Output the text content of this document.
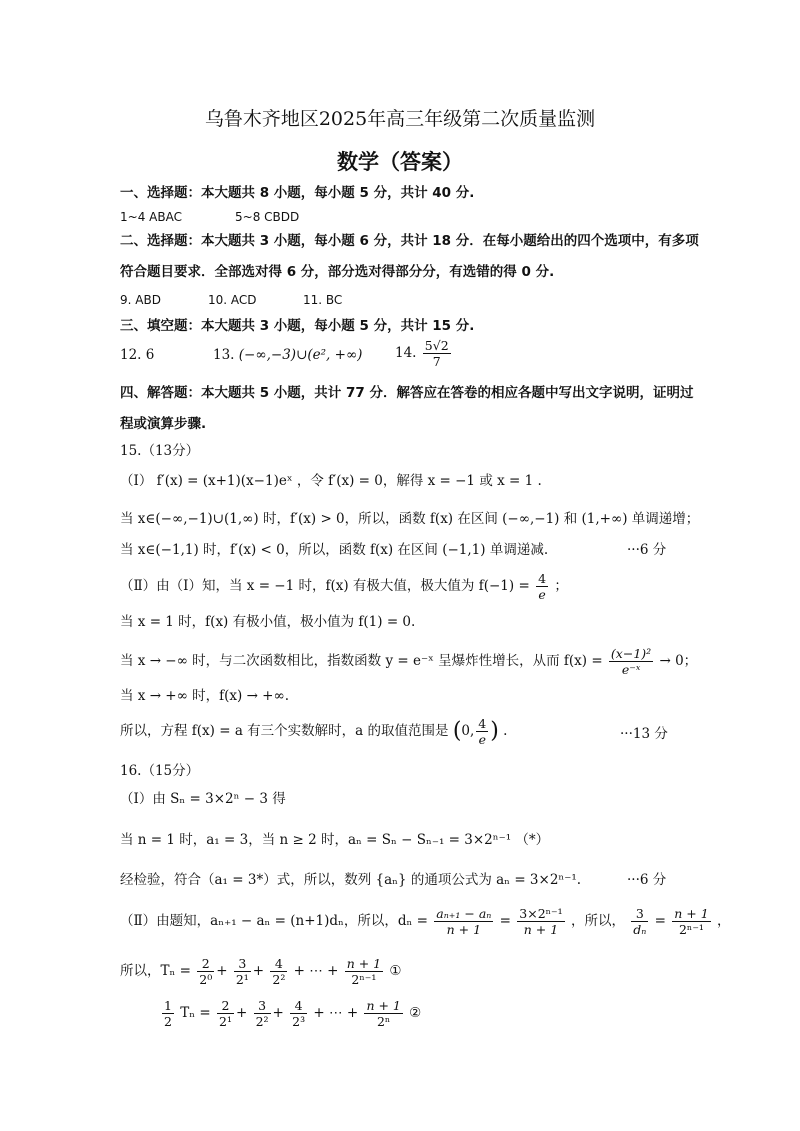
乌鲁木齐地区2025年高三年级第二次质量监测
数学（答案）
一、选择题：本大题共 8 小题，每小题 5 分，共计 40 分.
1~4 ABAC	5~8 CBDD
二、选择题：本大题共 3 小题，每小题 6 分，共计 18 分．在每小题给出的四个选项中，有多项
符合题目要求．全部选对得 6 分，部分选对得部分分，有选错的得 0 分.
9. ABD	10. ACD	11. BC
三、填空题：本大题共 3 小题，每小题 5 分，共计 15 分.
12. 6	13. (−∞,−3)∪(e², +∞) 14. $\frac{5√2}{7}$
四、解答题：本大题共 5 小题，共计 77 分．解答应在答卷的相应各题中写出文字说明，证明过
程或演算步骤.
15.（13分）
（Ⅰ） f′(x) = (x+1)(x−1)eˣ ，令 f′(x) = 0，解得 x = −1 或 x = 1 .
当 x∈(−∞,−1)∪(1,∞) 时，f′(x) > 0，所以，函数 f(x) 在区间 (−∞,−1) 和 (1,+∞) 单调递增；
当 x∈(−1,1) 时，f′(x) < 0，所以，函数 f(x) 在区间 (−1,1) 单调递减.	···6 分
（Ⅱ）由（Ⅰ）知，当 x = −1 时，f(x) 有极大值，极大值为 $f(-1) = \frac{4}{e}$ ；
当 x = 1 时，f(x) 有极小值，极小值为 f(1) = 0.
当 x → −∞ 时，与二次函数相比，指数函数 y = e⁻ˣ 呈爆炸性增长，从而 $f(x) = \frac{\text{(x−1)²}}{\text{e⁻ˣ}} \to 0$；
当 x → +∞ 时，f(x) → +∞.
所以，方程 f(x) = a 有三个实数解时，a 的取值范围是 (0, $\frac{4}{e}$ ) .	···13 分
16.（15分）
（Ⅰ）由 Sₙ = 3×2ⁿ − 3 得
当 n = 1 时，a₁ = 3，当 n ≥ 2 时，aₙ = Sₙ − Sₙ₋₁ = 3×2ⁿ⁻¹ （*）
经检验，符合（a₁ = 3*）式，所以，数列 {aₙ} 的通项公式为 aₙ = 3×2ⁿ⁻¹.	···6 分
（Ⅱ）由题知，aₙ₊₁ − aₙ = (n+1)dₙ，所以，$d_n = \frac{\text{aₙ₊₁ − aₙ}}{n + 1} = \frac{\text{3×2ⁿ⁻¹}}{n + 1}$ ，所以， $\frac{3}{\text{dₙ}} = \frac{n + 1}{\text{2ⁿ⁻¹}}$ ，
所以，$T_n = \frac{2}{\text{2⁰}} + \frac{3}{\text{2¹}} + \frac{4}{\text{2²}}$ + ⋯ + $\frac{n + 1}{\text{2ⁿ⁻¹}}$ ①
$\frac{1}{2}$ $T_n = \frac{2}{\text{2¹}} + \frac{3}{\text{2²}} + \frac{4}{\text{2³}}$ + ⋯ + $\frac{n + 1}{\text{2ⁿ}}$ ②
